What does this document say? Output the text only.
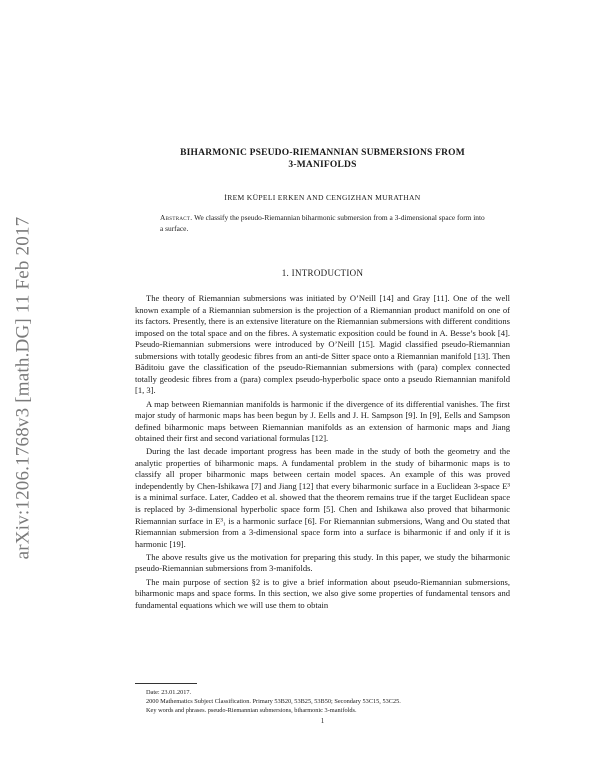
arXiv:1206.1768v3 [math.DG] 11 Feb 2017
BIHARMONIC PSEUDO-RIEMANNIAN SUBMERSIONS FROM
3-MANIFOLDS
İREM KÜPELI ERKEN AND CENGIZHAN MURATHAN
Abstract. We classify the pseudo-Riemannian biharmonic submersion from a 3-dimensional space form into a surface.
1. INTRODUCTION

The theory of Riemannian submersions was initiated by O’Neill [14] and Gray [11]. One of the well known example of a Riemannian submersion is the projection of a Riemannian product manifold on one of its factors. Presently, there is an extensive literature on the Riemannian submersions with different conditions imposed on the total space and on the fibres. A systematic exposition could be found in A. Besse’s book [4]. Pseudo-Riemannian submersions were introduced by O’Neill [15]. Magid classified pseudo-Riemannian submersions with totally geodesic fibres from an anti-de Sitter space onto a Riemannian manifold [13]. Then Băditoiu gave the classification of the pseudo-Riemannian submersions with (para) complex connected totally geodesic fibres from a (para) complex pseudo-hyperbolic space onto a pseudo Riemannian manifold [1, 3].

A map between Riemannian manifolds is harmonic if the divergence of its differential vanishes. The first major study of harmonic maps has been begun by J. Eells and J. H. Sampson [9]. In [9], Eells and Sampson defined biharmonic maps between Riemannian manifolds as an extension of harmonic maps and Jiang obtained their first and second variational formulas [12].

During the last decade important progress has been made in the study of both the geometry and the analytic properties of biharmonic maps. A fundamental problem in the study of biharmonic maps is to classify all proper biharmonic maps between certain model spaces. An example of this was proved independently by Chen-Ishikawa [7] and Jiang [12] that every biharmonic surface in a Euclidean 3-space E³ is a minimal surface. Later, Caddeo et al. showed that the theorem remains true if the target Euclidean space is replaced by 3-dimensional hyperbolic space form [5]. Chen and Ishikawa also proved that biharmonic Riemannian surface in E³₁ is a harmonic surface [6]. For Riemannian submersions, Wang and Ou stated that Riemannian submersion from a 3-dimensional space form into a surface is biharmonic if and only if it is harmonic [19].

The above results give us the motivation for preparing this study. In this paper, we study the biharmonic pseudo-Riemannian submersions from 3-manifolds.

The main purpose of section §2 is to give a brief information about pseudo-Riemannian submersions, biharmonic maps and space forms. In this section, we also give some properties of fundamental tensors and fundamental equations which we will use them to obtain

Date: 23.01.2017.

2000 Mathematics Subject Classification. Primary 53B20, 53B25, 53B50; Secondary 53C15, 53C25.

Key words and phrases. pseudo-Riemannian submersions, biharmonic 3-manifolds.

1
